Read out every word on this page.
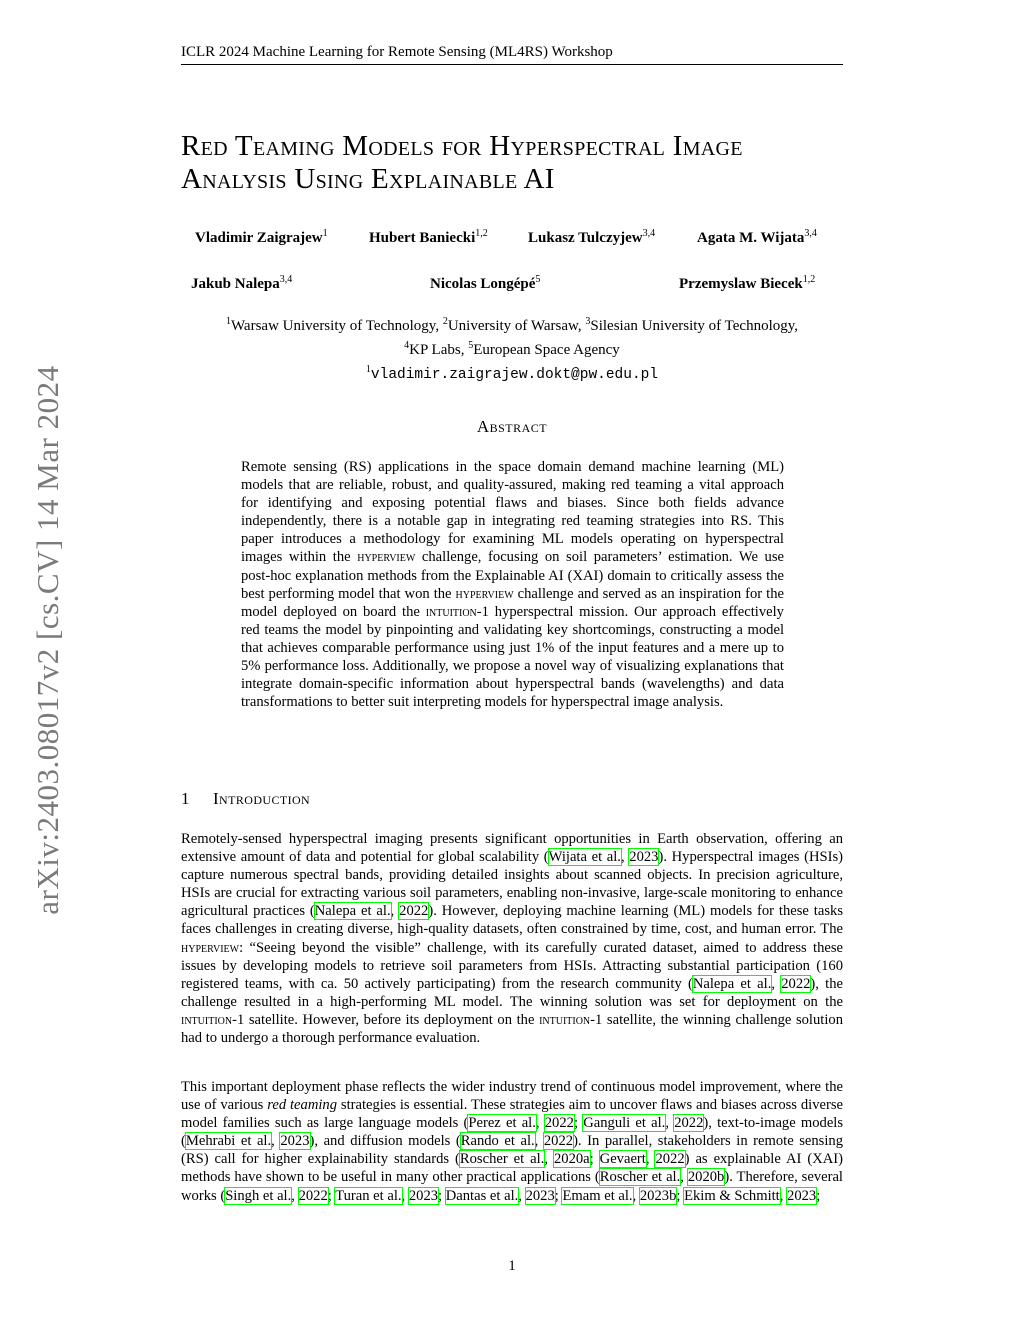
ICLR 2024 Machine Learning for Remote Sensing (ML4RS) Workshop
arXiv:2403.08017v2 [cs.CV] 14 Mar 2024
Red Teaming Models for Hyperspectral Image
Analysis Using Explainable AI
Vladimir Zaigrajew$^1$	Hubert Baniecki$^{1,2}$	Lukasz Tulczyjew$^{3,4}$	Agata M. Wijata$^{3,4}$
Jakub Nalepa$^{3,4}$	Nicolas Longépé$^5$	Przemyslaw Biecek$^{1,2}$
$^1$Warsaw University of Technology, $^2$University of Warsaw, $^3$Silesian University of Technology,
$^4$KP Labs, $^5$European Space Agency
$^1$vladimir.zaigrajew.dokt@pw.edu.pl
Abstract
Remote sensing (RS) applications in the space domain demand machine learning (ML) models that are reliable, robust, and quality-assured, making red teaming a vital approach for identifying and exposing potential flaws and biases. Since both fields advance independently, there is a notable gap in integrating red teaming strategies into RS. This paper introduces a methodology for examining ML models operating on hyperspectral images within the hyperview challenge, focusing on soil parameters’ estimation. We use post-hoc explanation methods from the Explainable AI (XAI) domain to critically assess the best performing model that won the hyperview challenge and served as an inspiration for the model deployed on board the intuition-1 hyperspectral mission. Our approach effectively red teams the model by pinpointing and validating key shortcomings, constructing a model that achieves comparable performance using just 1% of the input features and a mere up to 5% performance loss. Additionally, we propose a novel way of visualizing explanations that integrate domain-specific information about hyperspectral bands (wavelengths) and data transformations to better suit interpreting models for hyperspectral image analysis.
1 Introduction
Remotely-sensed hyperspectral imaging presents significant opportunities in Earth observation, offering an extensive amount of data and potential for global scalability (Wijata et al., 2023). Hyperspectral images (HSIs) capture numerous spectral bands, providing detailed insights about scanned objects. In precision agriculture, HSIs are crucial for extracting various soil parameters, enabling non-invasive, large-scale monitoring to enhance agricultural practices (Nalepa et al., 2022). However, deploying machine learning (ML) models for these tasks faces challenges in creating diverse, high-quality datasets, often constrained by time, cost, and human error. The hyperview: “Seeing beyond the visible” challenge, with its carefully curated dataset, aimed to address these issues by developing models to retrieve soil parameters from HSIs. Attracting substantial participation (160 registered teams, with ca. 50 actively participating) from the research community (Nalepa et al., 2022), the challenge resulted in a high-performing ML model. The winning solution was set for deployment on the intuition-1 satellite. However, before its deployment on the intuition-1 satellite, the winning challenge solution had to undergo a thorough performance evaluation.
This important deployment phase reflects the wider industry trend of continuous model improvement, where the use of various red teaming strategies is essential. These strategies aim to uncover flaws and biases across diverse model families such as large language models (Perez et al., 2022; Ganguli et al., 2022), text-to-image models (Mehrabi et al., 2023), and diffusion models (Rando et al., 2022). In parallel, stakeholders in remote sensing (RS) call for higher explainability standards (Roscher et al., 2020a; Gevaert, 2022) as explainable AI (XAI) methods have shown to be useful in many other practical applications (Roscher et al., 2020b). Therefore, several works (Singh et al., 2022; Turan et al., 2023; Dantas et al., 2023; Emam et al., 2023b; Ekim & Schmitt, 2023;
1
